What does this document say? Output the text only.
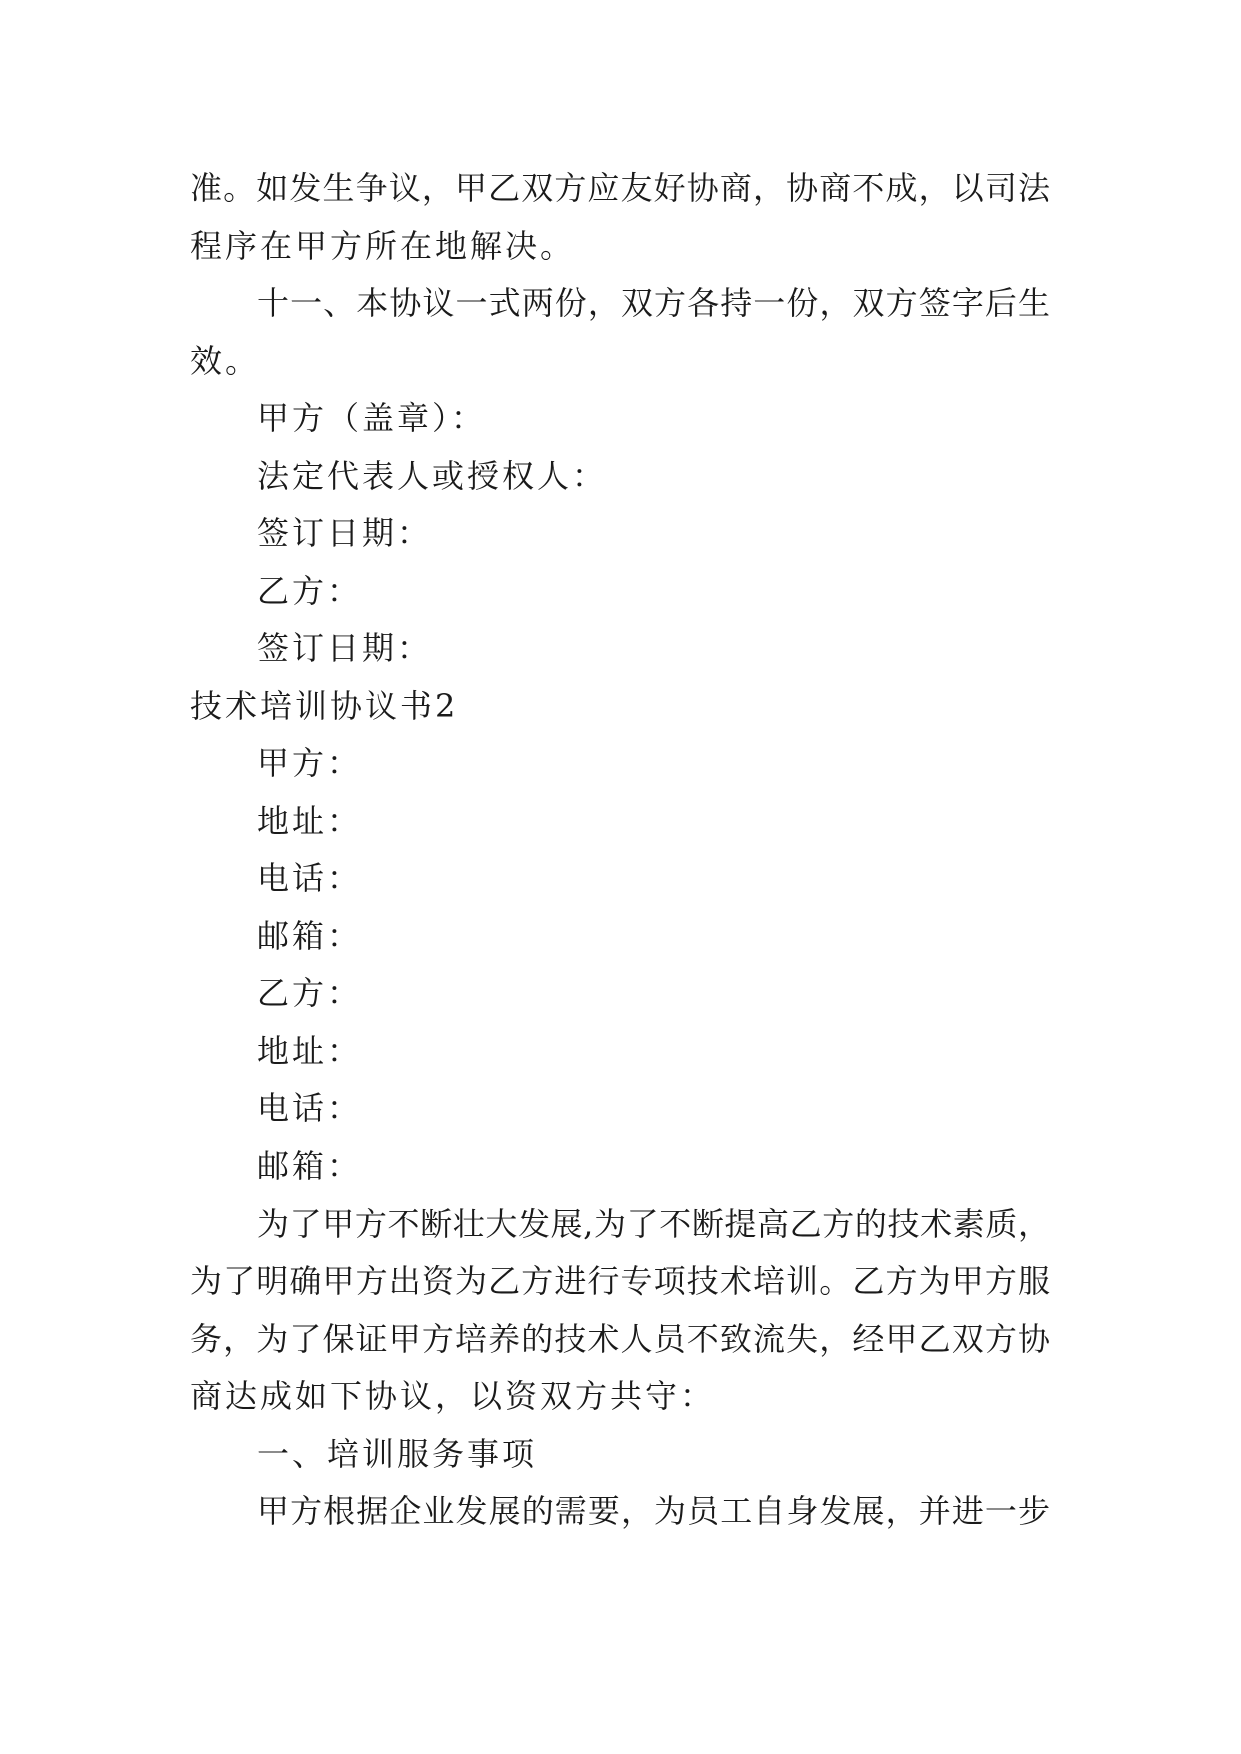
准。如发生争议，甲乙双方应友好协商，协商不成，以司法
程序在甲方所在地解决。
十一、本协议一式两份，双方各持一份，双方签字后生
效。
甲方（盖章）：
法定代表人或授权人：
签订日期：
乙方：
签订日期：
技术培训协议书2
甲方：
地址：
电话：
邮箱：
乙方：
地址：
电话：
邮箱：
为了甲方不断壮大发展,为了不断提高乙方的技术素质，
为了明确甲方出资为乙方进行专项技术培训。乙方为甲方服
务，为了保证甲方培养的技术人员不致流失，经甲乙双方协
商达成如下协议，以资双方共守：
一、培训服务事项
甲方根据企业发展的需要，为员工自身发展，并进一步
